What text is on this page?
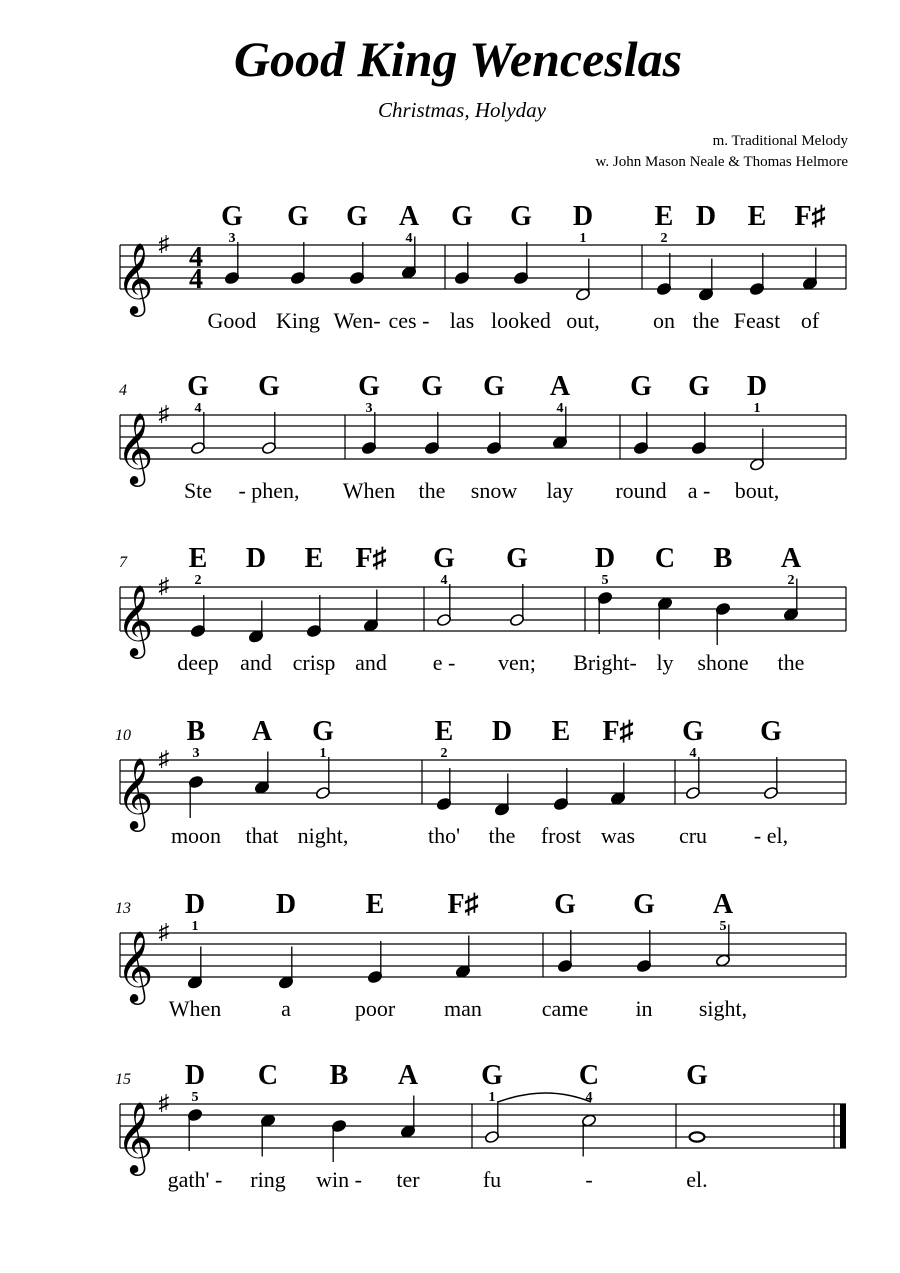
Good King Wenceslas
Christmas, Holyday
m. Traditional Melody
w. John Mason Neale & Thomas Helmore
𝄞
♯ 4
4
G
3
Good
G
King
G
Wen-
A
4
ces -
G
las
G
looked
D
1
out,
E
2
on
D
the
E
Feast
F♯
of
𝄞
♯
4 G
4
Ste
G
- phen,
G
3
When
G
the
G
snow
A
4
lay
G
round
G
a -
D
1
bout,
𝄞
♯
7 E
2
deep
D
and
E
crisp
F♯
and
G
4
e -
G
ven;
D
5
Bright-
C
ly
B
shone
A
2
the
𝄞
♯
10 B
3
moon
A
that
G
1
night,
E
2
tho'
D
the
E
frost
F♯
was
G
4
cru
G
- el,
𝄞
♯
13 D
1
When
D
a
E
poor
F♯
man
G
came
G
in
A
5
sight,
𝄞
♯
15 D
5
gath' -
C
ring
B
win -
A
ter
G
1
fu
C
4
-
G
el.
